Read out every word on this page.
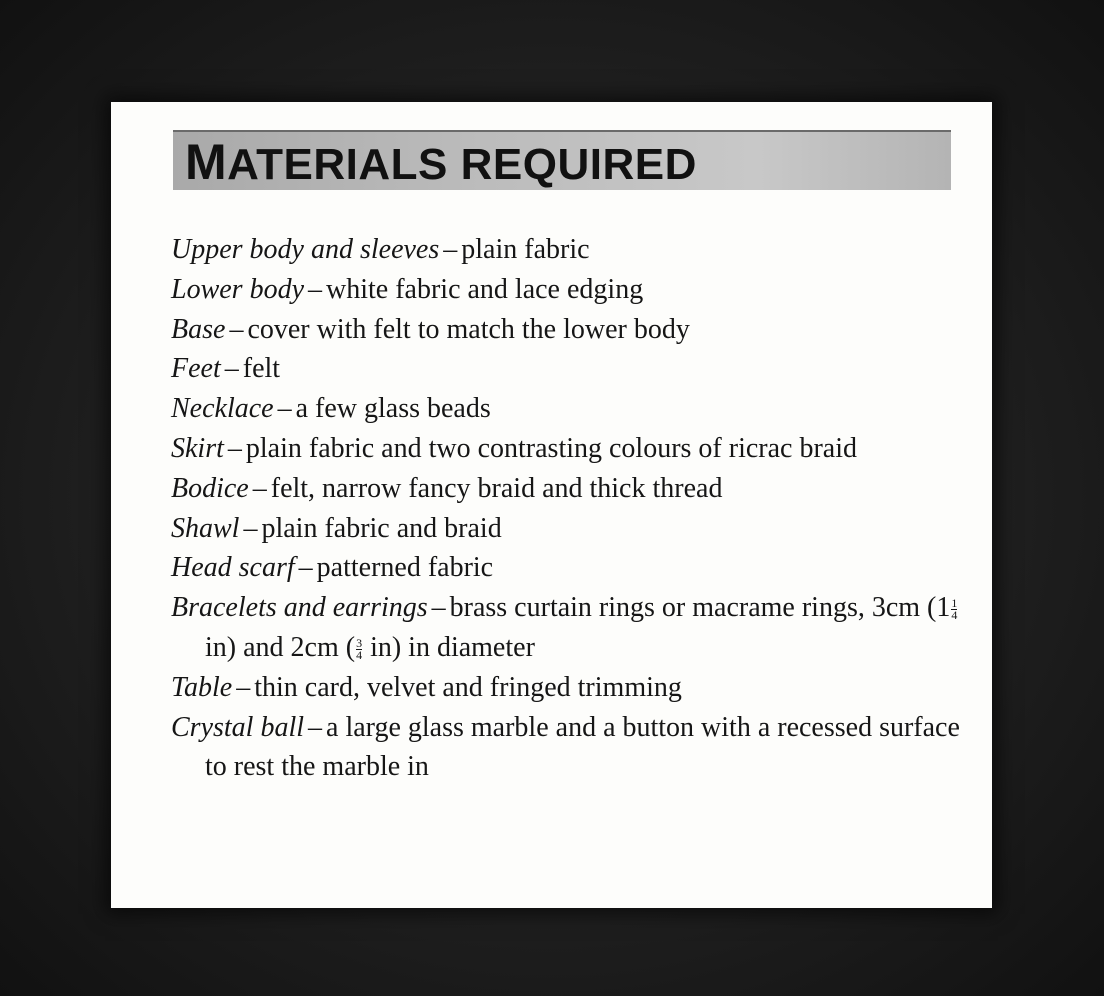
MATERIALS REQUIRED
Upper body and sleeves – plain fabric
Lower body – white fabric and lace edging
Base – cover with felt to match the lower body
Feet – felt
Necklace – a few glass beads
Skirt – plain fabric and two contrasting colours of ricrac braid
Bodice – felt, narrow fancy braid and thick thread
Shawl – plain fabric and braid
Head scarf – patterned fabric
Bracelets and earrings – brass curtain rings or macrame rings, 3cm ($1 \frac{1}{4}$
in) and 2cm ( $\frac{3}{4} in$) in diameter
Table – thin card, velvet and fringed trimming
Crystal ball – a large glass marble and a button with a recessed surface to rest the marble in
